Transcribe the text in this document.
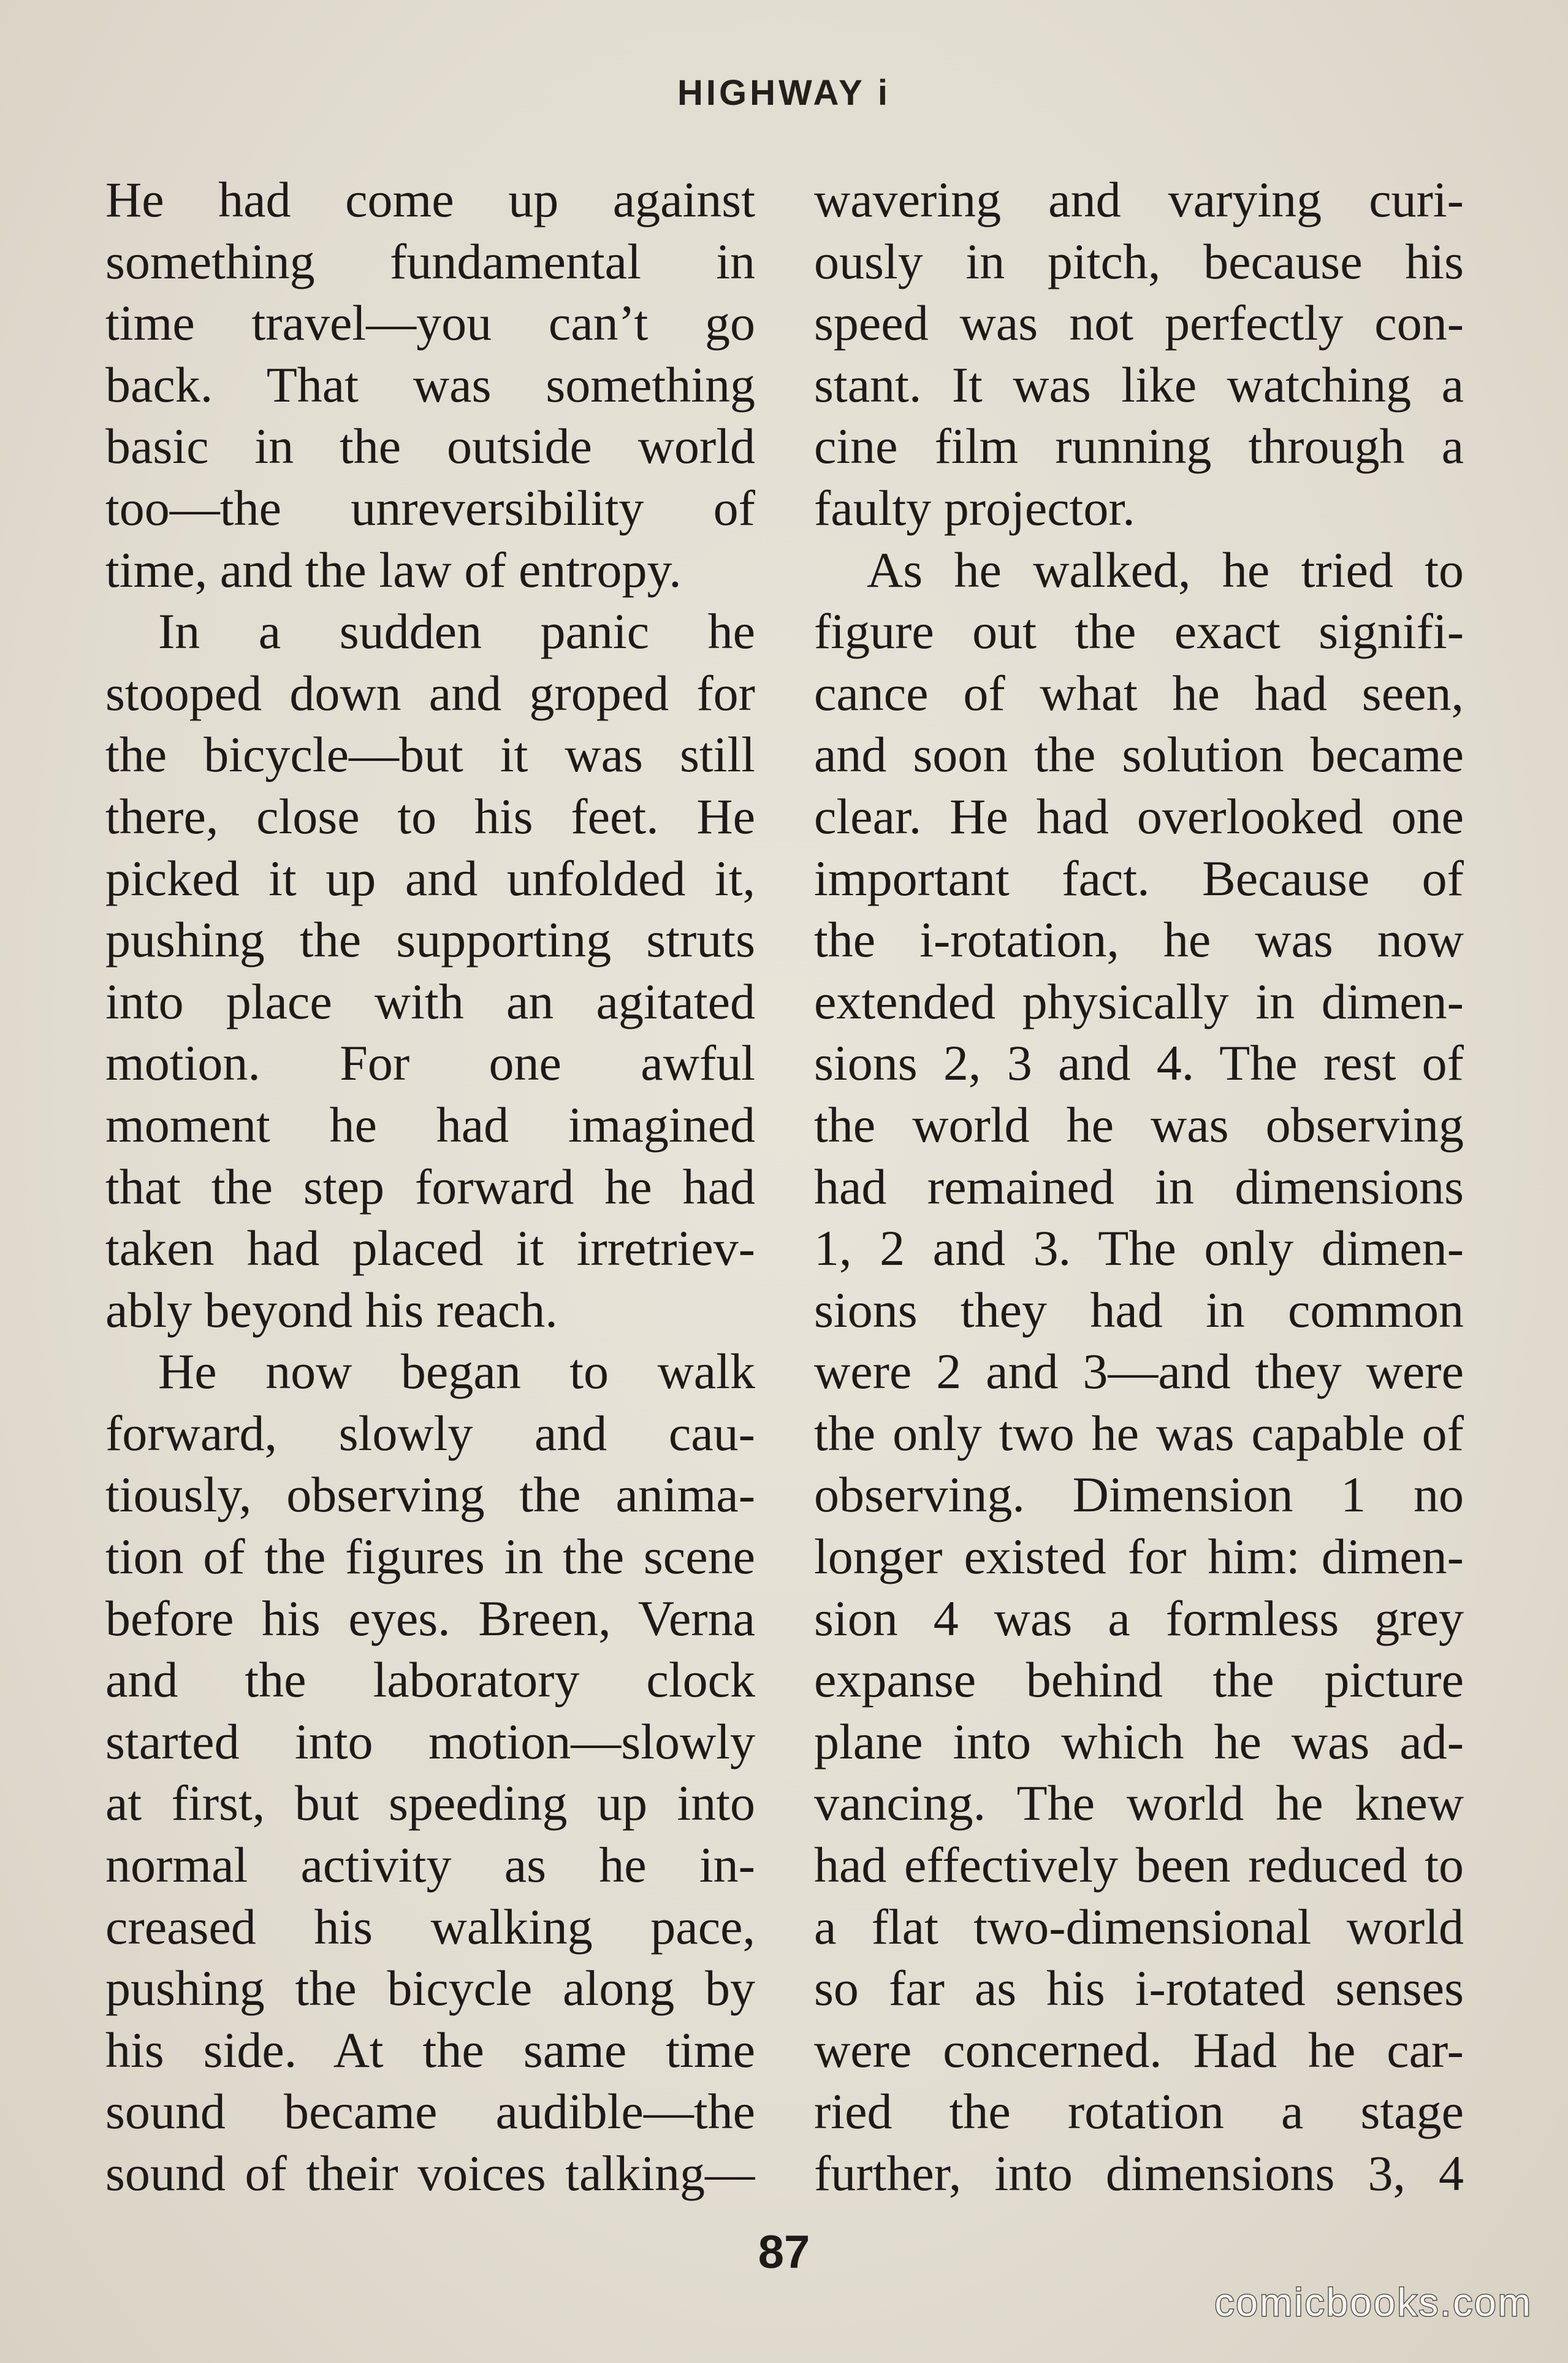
HIGHWAY i
He had come up against
something fundamental in
time travel—you can’t go
back. That was something
basic in the outside world
too—the unreversibility of
time, and the law of entropy.
In a sudden panic he
stooped down and groped for
the bicycle—but it was still
there, close to his feet. He
picked it up and unfolded it,
pushing the supporting struts
into place with an agitated
motion. For one awful
moment he had imagined
that the step forward he had
taken had placed it irretriev-
ably beyond his reach.
He now began to walk
forward, slowly and cau-
tiously, observing the anima-
tion of the figures in the scene
before his eyes. Breen, Verna
and the laboratory clock
started into motion—slowly
at first, but speeding up into
normal activity as he in-
creased his walking pace,
pushing the bicycle along by
his side. At the same time
sound became audible—the
sound of their voices talking—
wavering and varying curi-
ously in pitch, because his
speed was not perfectly con-
stant. It was like watching a
cine film running through a
faulty projector.
As he walked, he tried to
figure out the exact signifi-
cance of what he had seen,
and soon the solution became
clear. He had overlooked one
important fact. Because of
the i-rotation, he was now
extended physically in dimen-
sions 2, 3 and 4. The rest of
the world he was observing
had remained in dimensions
1, 2 and 3. The only dimen-
sions they had in common
were 2 and 3—and they were
the only two he was capable of
observing. Dimension 1 no
longer existed for him: dimen-
sion 4 was a formless grey
expanse behind the picture
plane into which he was ad-
vancing. The world he knew
had effectively been reduced to
a flat two-dimensional world
so far as his i-rotated senses
were concerned. Had he car-
ried the rotation a stage
further, into dimensions 3, 4
87
comicbooks.com
